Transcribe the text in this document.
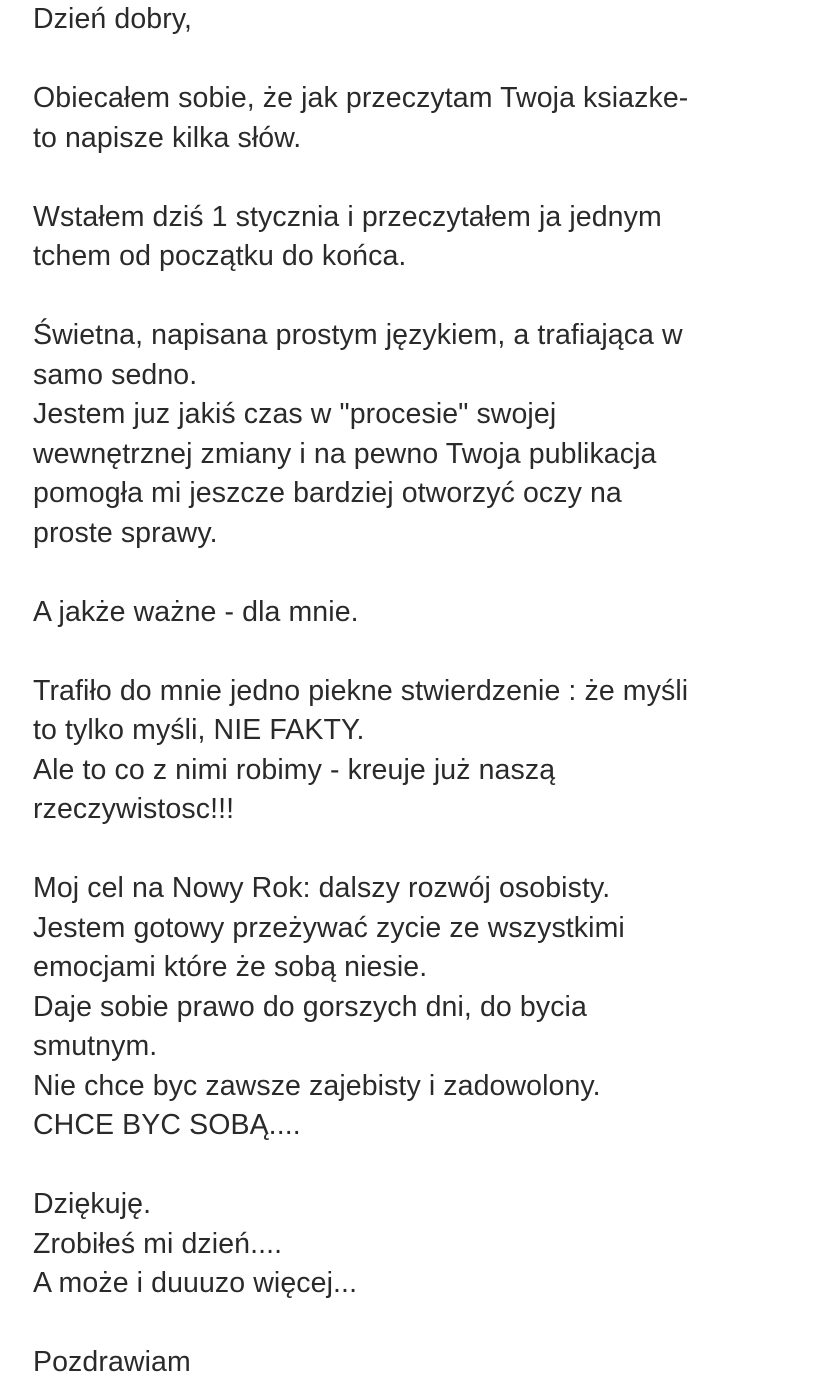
Dzień dobry,
Obiecałem sobie, że jak przeczytam Twoja ksiazke-
to napisze kilka słów.
Wstałem dziś 1 stycznia i przeczytałem ja jednym
tchem od początku do końca.
Świetna, napisana prostym językiem, a trafiająca w
samo sedno.
Jestem juz jakiś czas w "procesie" swojej
wewnętrznej zmiany i na pewno Twoja publikacja
pomogła mi jeszcze bardziej otworzyć oczy na
proste sprawy.
A jakże ważne - dla mnie.
Trafiło do mnie jedno piekne stwierdzenie : że myśli
to tylko myśli, NIE FAKTY.
Ale to co z nimi robimy - kreuje już naszą
rzeczywistosc!!!
Moj cel na Nowy Rok: dalszy rozwój osobisty.
Jestem gotowy przeżywać zycie ze wszystkimi
emocjami które że sobą niesie.
Daje sobie prawo do gorszych dni, do bycia
smutnym.
Nie chce byc zawsze zajebisty i zadowolony.
CHCE BYC SOBĄ....
Dziękuję.
Zrobiłeś mi dzień....
A może i duuuzo więcej...
Pozdrawiam
